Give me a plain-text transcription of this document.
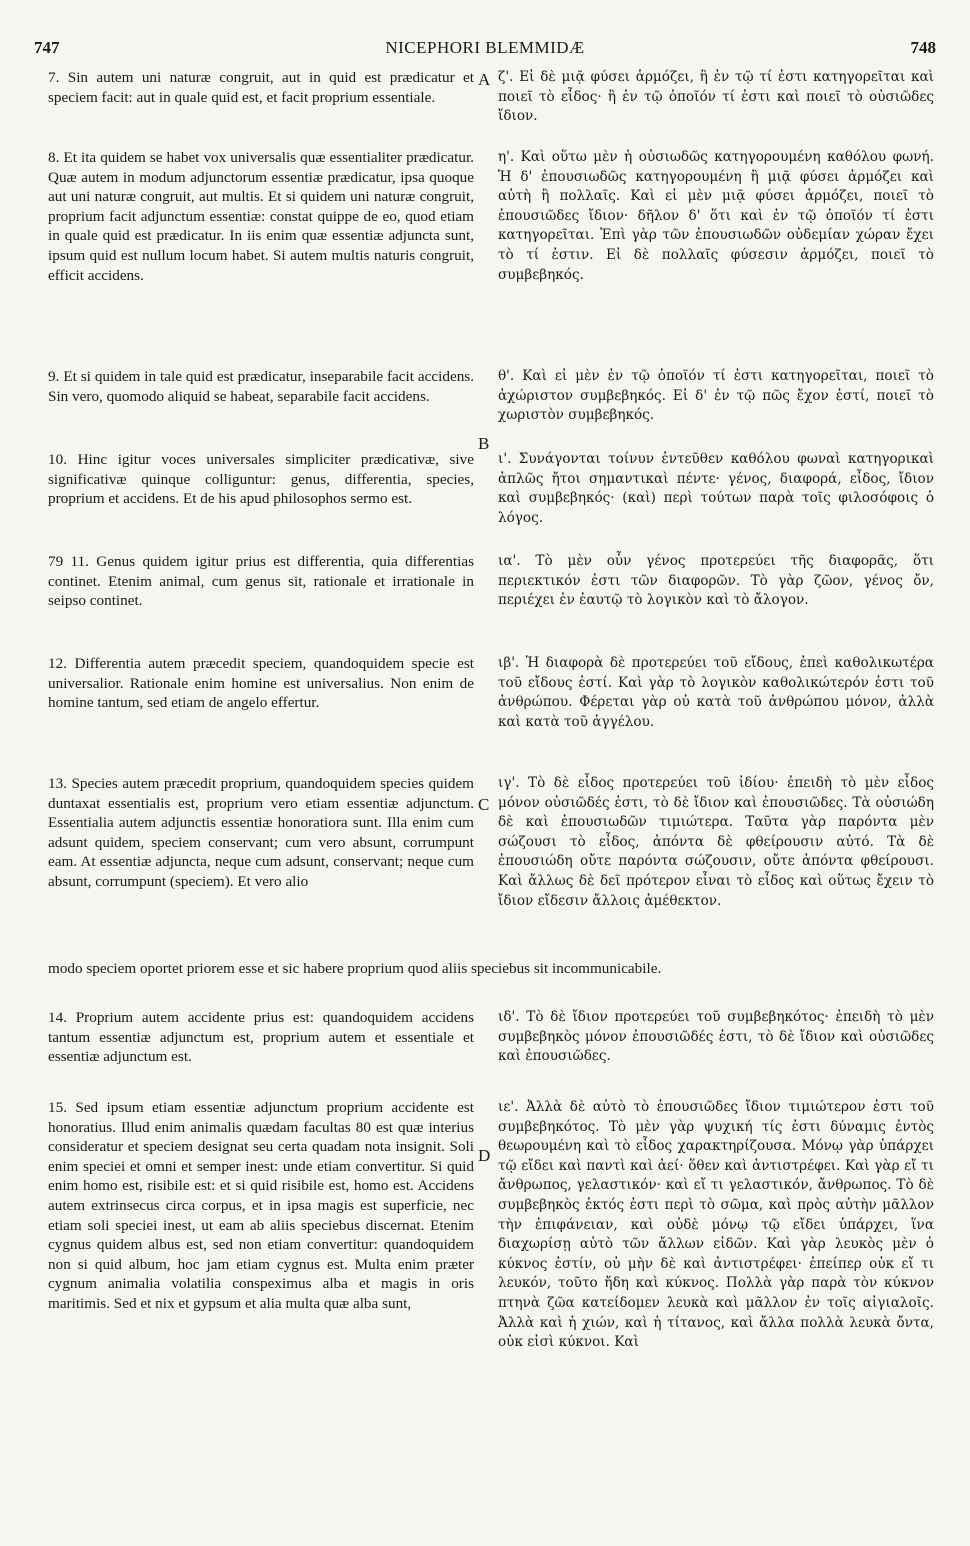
747	NICEPHORI BLEMMIDÆ	748
A
B
C
D
7. Sin autem uni naturæ congruit, aut in quid est prædicatur et speciem facit: aut in quale quid est, et facit proprium essentiale.
8. Et ita quidem se habet vox universalis quæ essentialiter prædicatur. Quæ autem in modum adjunctorum essentiæ prædicatur, ipsa quoque aut uni naturæ congruit, aut multis. Et si quidem uni naturæ congruit, proprium facit adjunctum essentiæ: constat quippe de eo, quod etiam in quale quid est prædicatur. In iis enim quæ essentiæ adjuncta sunt, ipsum quid est nullum locum habet. Si autem multis naturis congruit, efficit accidens.
9. Et si quidem in tale quid est prædicatur, inseparabile facit accidens. Sin vero, quomodo aliquid se habeat, separabile facit accidens.
10. Hinc igitur voces universales simpliciter prædicativæ, sive significativæ quinque colliguntur: genus, differentia, species, proprium et accidens. Et de his apud philosophos sermo est.
79 11. Genus quidem igitur prius est differentia, quia differentias continet. Etenim animal, cum genus sit, rationale et irrationale in seipso continet.
12. Differentia autem præcedit speciem, quandoquidem specie est universalior. Rationale enim homine est universalius. Non enim de homine tantum, sed etiam de angelo effertur.
13. Species autem præcedit proprium, quandoquidem species quidem duntaxat essentialis est, proprium vero etiam essentiæ adjunctum. Essentialia autem adjunctis essentiæ honoratiora sunt. Illa enim cum adsunt quidem, speciem conservant; cum vero absunt, corrumpunt eam. At essentiæ adjuncta, neque cum adsunt, conservant; neque cum absunt, corrumpunt (speciem). Et vero alio
14. Proprium autem accidente prius est: quandoquidem accidens tantum essentiæ adjunctum est, proprium autem et essentiale et essentiæ adjunctum est.
15. Sed ipsum etiam essentiæ adjunctum proprium accidente est honoratius. Illud enim animalis quædam facultas 80 est quæ interius consideratur et speciem designat seu certa quadam nota insignit. Soli enim speciei et omni et semper inest: unde etiam convertitur. Si quid enim homo est, risibile est: et si quid risibile est, homo est. Accidens autem extrinsecus circa corpus, et in ipsa magis est superficie, nec etiam soli speciei inest, ut eam ab aliis speciebus discernat. Etenim cygnus quidem albus est, sed non etiam convertitur: quandoquidem non si quid album, hoc jam etiam cygnus est. Multa enim præter cygnum animalia volatilia conspeximus alba et magis in oris maritimis. Sed et nix et gypsum et alia multa quæ alba sunt,
modo speciem oportet priorem esse et sic habere proprium quod aliis speciebus sit incommunicabile.
ζ'. Εἰ δὲ μιᾷ φύσει ἁρμόζει, ἢ ἐν τῷ τί ἐστι κατηγορεῖται καὶ ποιεῖ τὸ εἶδος· ἢ ἐν τῷ ὁποῖόν τί ἐστι καὶ ποιεῖ τὸ οὐσιῶδες ἴδιον.
η'. Καὶ οὕτω μὲν ἡ οὐσιωδῶς κατηγορουμένη καθόλου φωνή. Ἡ δ' ἐπουσιωδῶς κατηγορουμένη ἢ μιᾷ φύσει ἁρμόζει καὶ αὐτὴ ἢ πολλαῖς. Καὶ εἰ μὲν μιᾷ φύσει ἁρμόζει, ποιεῖ τὸ ἐπουσιῶδες ἴδιον· δῆλον δ' ὅτι καὶ ἐν τῷ ὁποῖόν τί ἐστι κατηγορεῖται. Ἐπὶ γὰρ τῶν ἐπουσιωδῶν οὐδεμίαν χώραν ἔχει τὸ τί ἐστιν. Εἰ δὲ πολλαῖς φύσεσιν ἁρμόζει, ποιεῖ τὸ συμβεβηκός.
θ'. Καὶ εἰ μὲν ἐν τῷ ὁποῖόν τί ἐστι κατηγορεῖται, ποιεῖ τὸ ἀχώριστον συμβεβηκός. Εἰ δ' ἐν τῷ πῶς ἔχον ἐστί, ποιεῖ τὸ χωριστὸν συμβεβηκός.
ι'. Συνάγονται τοίνυν ἐντεῦθεν καθόλου φωναὶ κατηγορικαὶ ἁπλῶς ἤτοι σημαντικαὶ πέντε· γένος, διαφορά, εἶδος, ἴδιον καὶ συμβεβηκός· (καὶ) περὶ τούτων παρὰ τοῖς φιλοσόφοις ὁ λόγος.
ια'. Τὸ μὲν οὖν γένος προτερεύει τῆς διαφορᾶς, ὅτι περιεκτικόν ἐστι τῶν διαφορῶν. Τὸ γὰρ ζῶον, γένος ὄν, περιέχει ἐν ἑαυτῷ τὸ λογικὸν καὶ τὸ ἄλογον.
ιβ'. Ἡ διαφορὰ δὲ προτερεύει τοῦ εἴδους, ἐπεὶ καθολικωτέρα τοῦ εἴδους ἐστί. Καὶ γὰρ τὸ λογικὸν καθολικώτερόν ἐστι τοῦ ἀνθρώπου. Φέρεται γὰρ οὐ κατὰ τοῦ ἀνθρώπου μόνον, ἀλλὰ καὶ κατὰ τοῦ ἀγγέλου.
ιγ'. Τὸ δὲ εἶδος προτερεύει τοῦ ἰδίου· ἐπειδὴ τὸ μὲν εἶδος μόνον οὐσιῶδές ἐστι, τὸ δὲ ἴδιον καὶ ἐπουσιῶδες. Τὰ οὐσιώδη δὲ καὶ ἐπουσιωδῶν τιμιώτερα. Ταῦτα γὰρ παρόντα μὲν σώζουσι τὸ εἶδος, ἀπόντα δὲ φθείρουσιν αὐτό. Τὰ δὲ ἐπουσιώδη οὔτε παρόντα σώζουσιν, οὔτε ἀπόντα φθείρουσι. Καὶ ἄλλως δὲ δεῖ πρότερον εἶναι τὸ εἶδος καὶ οὕτως ἔχειν τὸ ἴδιον εἴδεσιν ἄλλοις ἀμέθεκτον.
ιδ'. Τὸ δὲ ἴδιον προτερεύει τοῦ συμβεβηκότος· ἐπειδὴ τὸ μὲν συμβεβηκὸς μόνον ἐπουσιῶδές ἐστι, τὸ δὲ ἴδιον καὶ οὐσιῶδες καὶ ἐπουσιῶδες.
ιε'. Ἀλλὰ δὲ αὐτὸ τὸ ἐπουσιῶδες ἴδιον τιμιώτερον ἐστι τοῦ συμβεβηκότος. Τὸ μὲν γὰρ ψυχική τίς ἐστι δύναμις ἐντὸς θεωρουμένη καὶ τὸ εἶδος χαρακτηρίζουσα. Μόνῳ γὰρ ὑπάρχει τῷ εἴδει καὶ παντὶ καὶ ἀεί· ὅθεν καὶ ἀντιστρέφει. Καὶ γὰρ εἴ τι ἄνθρωπος, γελαστικόν· καὶ εἴ τι γελαστικόν, ἄνθρωπος. Τὸ δὲ συμβεβηκὸς ἐκτός ἐστι περὶ τὸ σῶμα, καὶ πρὸς αὐτὴν μᾶλλον τὴν ἐπιφάνειαν, καὶ οὐδὲ μόνῳ τῷ εἴδει ὑπάρχει, ἵνα διαχωρίσῃ αὐτὸ τῶν ἄλλων εἰδῶν. Καὶ γὰρ λευκὸς μὲν ὁ κύκνος ἐστίν, οὐ μὴν δὲ καὶ ἀντιστρέφει· ἐπείπερ οὐκ εἴ τι λευκόν, τοῦτο ἤδη καὶ κύκνος. Πολλὰ γὰρ παρὰ τὸν κύκνον πτηνὰ ζῶα κατείδομεν λευκὰ καὶ μᾶλλον ἐν τοῖς αἰγιαλοῖς. Ἀλλὰ καὶ ἡ χιών, καὶ ἡ τίτανος, καὶ ἄλλα πολλὰ λευκὰ ὄντα, οὐκ εἰσὶ κύκνοι. Καὶ
